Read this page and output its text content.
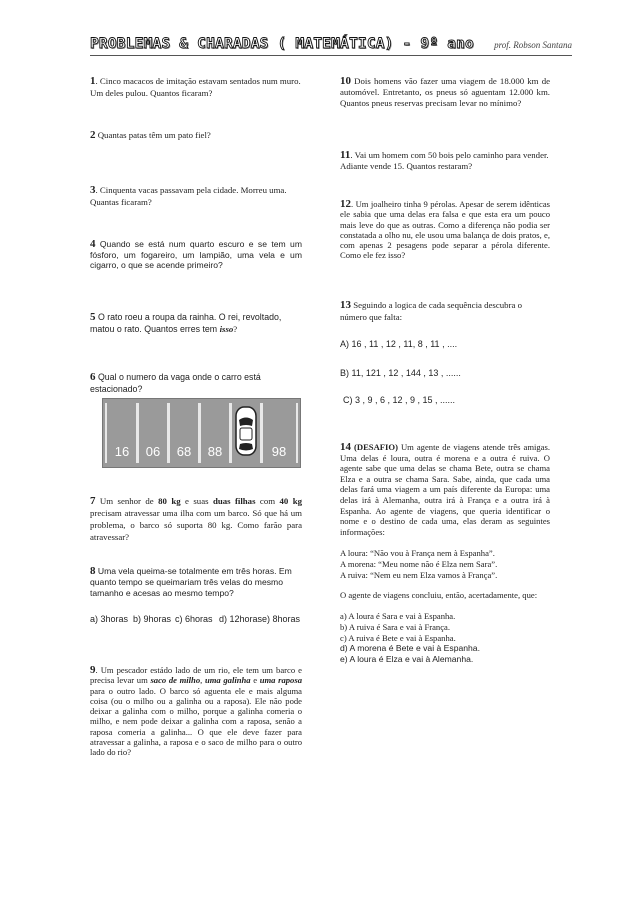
PROBLEMAS & CHARADAS ( MATEMÁTICA) - 9º ano prof. Robson Santana

1. Cinco macacos de imitação estavam sentados num muro. Um deles pulou. Quantos ficaram?

2 Quantas patas têm um pato fiel?

3. Cinquenta vacas passavam pela cidade. Morreu uma. Quantas ficaram?

4 Quando se está num quarto escuro e se tem um fósforo, um fogareiro, um lampião, uma vela e um cigarro, o que se acende primeiro?

5 O rato roeu a roupa da rainha. O rei, revoltado, matou o rato. Quantos erres tem isso?

6 Qual o numero da vaga onde o carro está estacionado?

16	06	68	88	98

7 Um senhor de 80 kg e suas duas filhas com 40 kg precisam atravessar uma ilha com um barco. Só que há um problema, o barco só suporta 80 kg. Como farão para atravessar?

8 Uma vela queima-se totalmente em três horas. Em quanto tempo se queimariam três velas do mesmo tamanho e acesas ao mesmo tempo?

a) 3horas b) 9horas c) 6horas d) 12horas e) 8horas

9. Um pescador estádo lado de um rio, ele tem um barco e precisa levar um saco de milho, uma galinha e uma raposa para o outro lado. O barco só aguenta ele e mais alguma coisa (ou o milho ou a galinha ou a raposa). Ele não pode deixar a galinha com o milho, porque a galinha comeria o milho, e nem pode deixar a galinha com a raposa, senão a raposa comeria a galinha... O que ele deve fazer para atravessar a galinha, a raposa e o saco de milho para o outro lado do rio?

10 Dois homens vão fazer uma viagem de 18.000 km de automóvel. Entretanto, os pneus só aguentam 12.000 km. Quantos pneus reservas precisam levar no mínimo?

11. Vai um homem com 50 bois pelo caminho para vender. Adiante vende 15. Quantos restaram?

12. Um joalheiro tinha 9 pérolas. Apesar de serem idênticas ele sabia que uma delas era falsa e que esta era um pouco mais leve do que as outras. Como a diferença não podia ser constatada a olho nu, ele usou uma balança de dois pratos, e, com apenas 2 pesagens pode separar a pérola diferente. Como ele fez isso?

13 Seguindo a logica de cada sequência descubra o número que falta:

A) 16 , 11 , 12 , 11, 8 , 11 , ....
B) 11, 121 , 12 , 144 , 13 , ......
C) 3 , 9 , 6 , 12 , 9 , 15 , ......

14 (DESAFIO) Um agente de viagens atende três amigas. Uma delas é loura, outra é morena e a outra é ruiva. O agente sabe que uma delas se chama Bete, outra se chama Elza e a outra se chama Sara. Sabe, ainda, que cada uma delas fará uma viagem a um país diferente da Europa: uma delas irá à Alemanha, outra irá à França e a outra irá à Espanha. Ao agente de viagens, que queria identificar o nome e o destino de cada uma, elas deram as seguintes informações:

A loura: “Não vou à França nem à Espanha”.

A morena: “Meu nome não é Elza nem Sara”.

A ruiva: “Nem eu nem Elza vamos à França”.

O agente de viagens concluiu, então, acertadamente, que:

a) A loura é Sara e vai à Espanha.

b) A ruiva é Sara e vai à França.

c) A ruiva é Bete e vai à Espanha.

d) A morena é Bete e vai à Espanha.

e) A loura é Elza e vai à Alemanha.
